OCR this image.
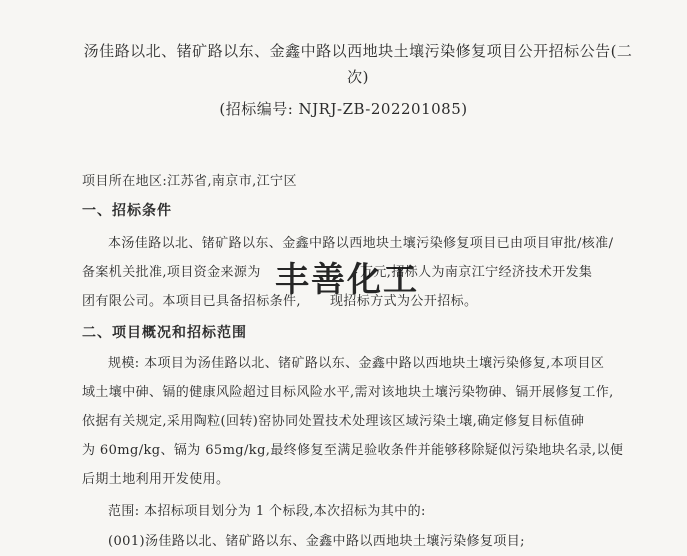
汤佳路以北、锗矿路以东、金鑫中路以西地块土壤污染修复项目公开招标公告(二次)
(招标编号: NJRJ-ZB-202201085)
项目所在地区:江苏省,南京市,江宁区
一、招标条件
本汤佳路以北、锗矿路以东、金鑫中路以西地块土壤污染修复项目已由项目审批/核准/
备案机关批准,项目资金来源为	万元,招标人为南京江宁经济技术开发集
团有限公司。本项目已具备招标条件, 现招标方式为公开招标。
二、项目概况和招标范围
规模: 本项目为汤佳路以北、锗矿路以东、金鑫中路以西地块土壤污染修复,本项目区
域土壤中砷、镉的健康风险超过目标风险水平,需对该地块土壤污染物砷、镉开展修复工作,
依据有关规定,采用陶粒(回转)窑协同处置技术处理该区域污染土壤,确定修复目标值砷
为 60mg/kg、镉为 65mg/kg,最终修复至满足验收条件并能够移除疑似污染地块名录,以便
后期土地利用开发使用。
范围: 本招标项目划分为 1 个标段,本次招标为其中的:
(001)汤佳路以北、锗矿路以东、金鑫中路以西地块土壤污染修复项目;
丰善化工
